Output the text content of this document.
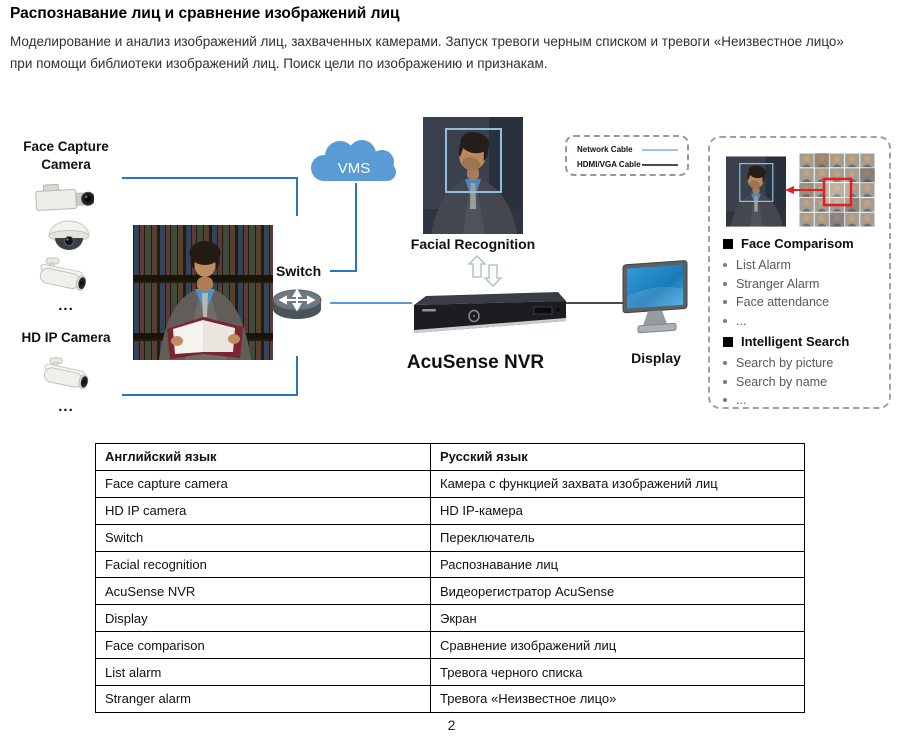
Распознавание лиц и сравнение изображений лиц
Моделирование и анализ изображений лиц, захваченных камерами. Запуск тревоги черным списком и тревоги «Неизвестное лицо» при помощи библиотеки изображений лиц. Поиск цели по изображению и признакам.
Face Capture
Camera
...
HD IP Camera
...
VMS
Switch
Facial Recognition
AcuSense NVR
Network Cable
HDMI/VGA Cable
Display
Face Comparisom
List Alarm
Stranger Alarm
Face attendance
...
Intelligent Search
Search by picture
Search by name
...
Английский язык	Русский язык
Face capture camera	Камера с функцией захвата изображений лиц
HD IP camera	HD IP-камера
Switch	Переключатель
Facial recognition	Распознавание лиц
AcuSense NVR	Видеорегистратор AcuSense
Display	Экран
Face comparison	Сравнение изображений лиц
List alarm	Тревога черного списка
Stranger alarm	Тревога «Неизвестное лицо»
2
